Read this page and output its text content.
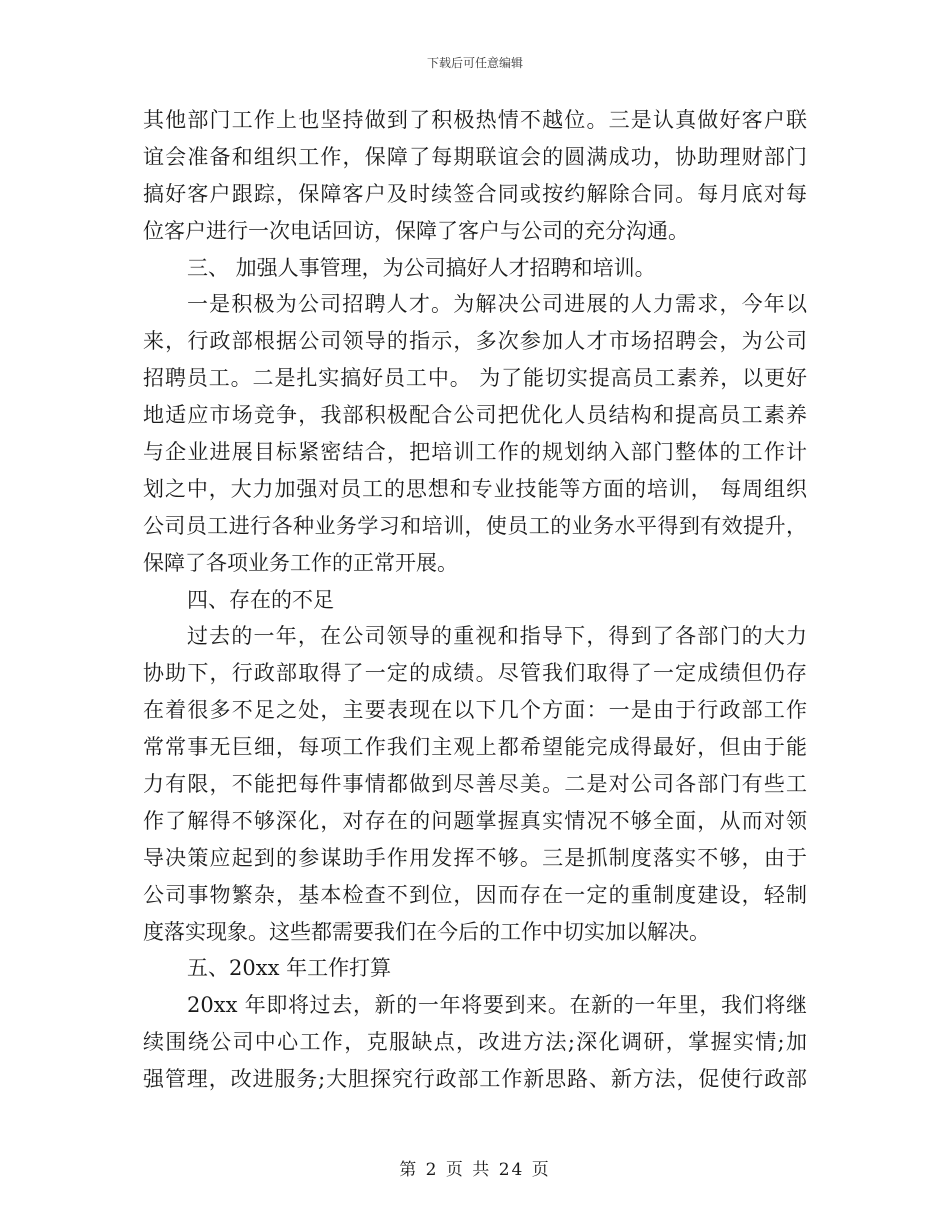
下载后可任意编辑
其他部门工作上也坚持做到了积极热情不越位。三是认真做好客户联
谊会准备和组织工作，保障了每期联谊会的圆满成功，协助理财部门
搞好客户跟踪，保障客户及时续签合同或按约解除合同。每月底对每
位客户进行一次电话回访，保障了客户与公司的充分沟通。
三、 加强人事管理，为公司搞好人才招聘和培训。
一是积极为公司招聘人才。为解决公司进展的人力需求，今年以
来，行政部根据公司领导的指示，多次参加人才市场招聘会，为公司
招聘员工。二是扎实搞好员工中。 为了能切实提高员工素养，以更好
地适应市场竞争，我部积极配合公司把优化人员结构和提高员工素养
与企业进展目标紧密结合，把培训工作的规划纳入部门整体的工作计
划之中，大力加强对员工的思想和专业技能等方面的培训， 每周组织
公司员工进行各种业务学习和培训，使员工的业务水平得到有效提升，
保障了各项业务工作的正常开展。
四、存在的不足
过去的一年，在公司领导的重视和指导下，得到了各部门的大力
协助下，行政部取得了一定的成绩。尽管我们取得了一定成绩但仍存
在着很多不足之处，主要表现在以下几个方面：一是由于行政部工作
常常事无巨细，每项工作我们主观上都希望能完成得最好，但由于能
力有限，不能把每件事情都做到尽善尽美。二是对公司各部门有些工
作了解得不够深化，对存在的问题掌握真实情况不够全面，从而对领
导决策应起到的参谋助手作用发挥不够。三是抓制度落实不够，由于
公司事物繁杂，基本检查不到位，因而存在一定的重制度建设，轻制
度落实现象。这些都需要我们在今后的工作中切实加以解决。
五、20xx 年工作打算
20xx 年即将过去，新的一年将要到来。在新的一年里，我们将继
续围绕公司中心工作，克服缺点，改进方法;深化调研，掌握实情;加
强管理，改进服务;大胆探究行政部工作新思路、新方法，促使行政部
第 2 页 共 24 页
